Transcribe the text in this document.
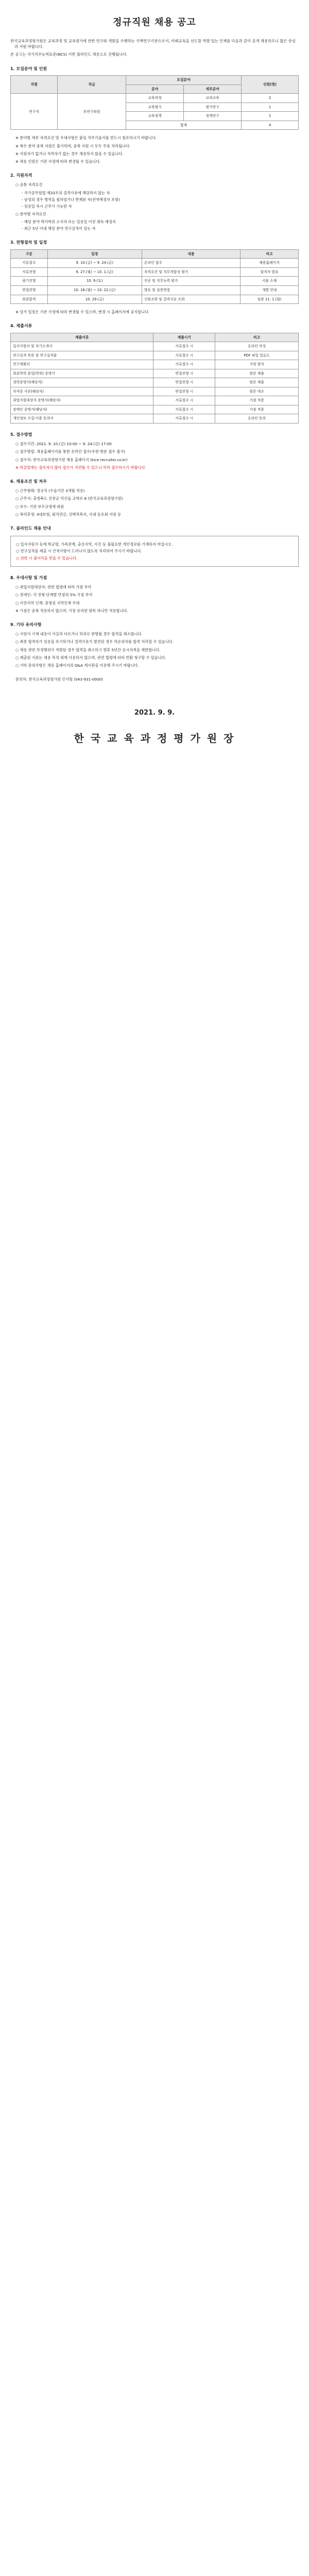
정규직원 채용 공고

한국교육과정평가원은 교육과정 및 교육평가에 관한 연구와 개발을 수행하는 국책연구기관으로서, 미래교육을 선도할 역량 있는 인재를 다음과 같이 공개 채용하오니 많은 관심과 지원 바랍니다.

본 공고는 국가직무능력표준(NCS) 기반 블라인드 채용으로 진행됩니다.

1. 모집분야 및 인원
직렬	직급	모집분야		인원(명)
		분야	세부분야	
연구직	부연구위원	교육과정	교과교육	2
		교육평가	평가연구	1
		교육정책	정책연구	1
		합계		4
※ 분야별 세부 자격요건 및 우대사항은 붙임 직무기술서를 반드시 참조하시기 바랍니다.
※ 복수 분야 중복 지원은 불가하며, 중복 지원 시 모두 무효 처리됩니다.
※ 지원자가 없거나 적격자가 없는 경우 채용하지 않을 수 있습니다.
※ 채용 인원은 기관 사정에 따라 변경될 수 있습니다.
2. 지원자격
○ 공통 자격요건
- 국가공무원법 제33조의 결격사유에 해당하지 않는 자
- 남성의 경우 병역을 필하였거나 면제된 자(전역예정자 포함)
- 임용일 즉시 근무가 가능한 자
○ 분야별 자격요건
- 해당 분야 박사학위 소지자 또는 임용일 이전 취득 예정자
- 최근 5년 이내 해당 분야 연구실적이 있는 자
3. 전형절차 및 일정
구분	일정	내용	비고
서류접수	9. 10.(금) ~ 9. 24.(금)	온라인 접수	채용홈페이지
서류전형	9. 27.(월) ~ 10. 1.(금)	자격요건 및 직무적합성 평가	합격자 발표
필기전형	10. 9.(토)	전공 및 직무능력 평가	서울 소재
면접전형	10. 18.(월) ~ 10. 22.(금)	발표 및 심층면접	개별 안내
최종합격	10. 29.(금)	신원조회 및 결격사유 조회	임용 11. 1.(월)
※ 상기 일정은 기관 사정에 따라 변경될 수 있으며, 변경 시 홈페이지에 공지합니다.
4. 제출서류
제출서류	제출시기	비고
입사지원서 및 자기소개서	서류접수 시	온라인 작성
연구실적 목록 및 연구실적물	서류접수 시	PDF 파일 업로드
연구계획서	서류접수 시	지정 양식
최종학력 졸업(학위) 증명서	면접전형 시	원본 제출
경력증명서(해당자)	면접전형 시	원본 제출
자격증 사본(해당자)	면접전형 시	원본 대조
취업지원대상자 증명서(해당자)	서류접수 시	가점 적용
장애인 증명서(해당자)	서류접수 시	가점 적용
개인정보 수집·이용 동의서	서류접수 시	온라인 동의
5. 접수방법
○ 접수기간: 2021. 9. 10.(금) 10:00 ~ 9. 24.(금) 17:00
○ 접수방법: 채용홈페이지를 통한 온라인 접수(우편·방문 접수 불가)
○ 접수처: 한국교육과정평가원 채용 홈페이지 (kice.recruiter.co.kr)
※ 마감일에는 접속자가 많아 접수가 지연될 수 있으니 미리 접수하시기 바랍니다.
6. 채용조건 및 처우
○ 근무형태: 정규직 (수습기간 3개월 적용)
○ 근무지: 충청북도 진천군 덕산읍 교학로 8 (한국교육과정평가원)
○ 보수: 기관 보수규정에 따름
○ 복리후생: 4대보험, 퇴직연금, 선택적복지, 사내 동호회 지원 등
7. 블라인드 채용 안내

○ 입사지원서 등에 학교명, 가족관계, 출신지역, 사진 등 불필요한 개인정보를 기재하지 마십시오.

○ 연구실적물 제출 시 인적사항이 드러나지 않도록 처리하여 주시기 바랍니다.

○ 위반 시 불이익을 받을 수 있습니다.

8. 우대사항 및 가점
○ 취업지원대상자: 관련 법령에 따라 가점 부여
○ 장애인: 각 전형 단계별 만점의 5% 가점 부여
○ 이전지역 인재: 충청권 지역인재 우대
※ 가점은 중복 적용하지 않으며, 가장 유리한 항목 하나만 적용합니다.
9. 기타 유의사항
○ 지원서 기재 내용이 사실과 다르거나 허위로 판명될 경우 합격을 취소합니다.
○ 최종 합격자가 임용을 포기하거나 결격사유가 발견된 경우 차순위자를 합격 처리할 수 있습니다.
○ 채용 관련 부정행위가 적발된 경우 합격을 취소하고 향후 5년간 응시자격을 제한합니다.
○ 제출된 서류는 채용 목적 외에 사용하지 않으며, 관련 법령에 따라 반환 청구할 수 있습니다.
○ 기타 문의사항은 채용 홈페이지의 Q&A 게시판을 이용해 주시기 바랍니다.
문의처: 한국교육과정평가원 인사팀 (043-931-0000)
2021. 9. 9.
한 국 교 육 과 정 평 가 원 장
